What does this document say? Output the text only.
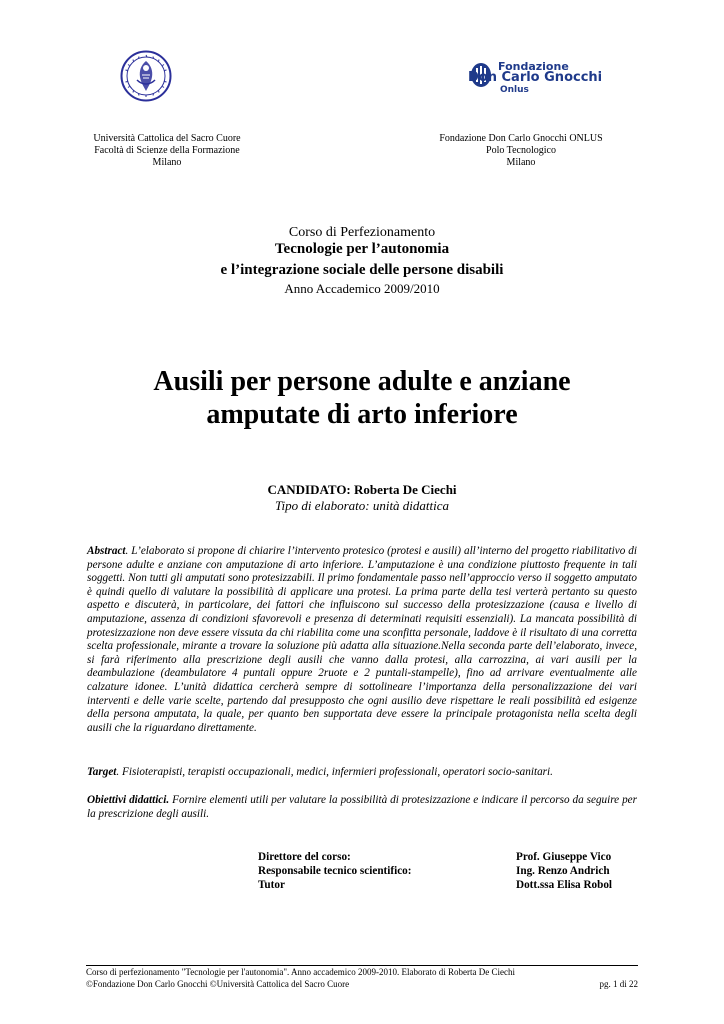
Fondazione
Don Carlo Gnocchi
Onlus
Università Cattolica del Sacro Cuore
Facoltà di Scienze della Formazione
Milano
Fondazione Don Carlo Gnocchi ONLUS
Polo Tecnologico
Milano
Corso di Perfezionamento
Tecnologie per l’autonomia
e l’integrazione sociale delle persone disabili
Anno Accademico 2009/2010
Ausili per persone adulte e anziane
amputate di arto inferiore
CANDIDATO: Roberta De Ciechi
Tipo di elaborato: unità didattica
Abstract. L’elaborato si propone di chiarire l’intervento protesico (protesi e ausili) all’interno del progetto riabilitativo di persone adulte e anziane con amputazione di arto inferiore. L’amputazione è una condizione piuttosto frequente in tali soggetti. Non tutti gli amputati sono protesizzabili. Il primo fondamentale passo nell’approccio verso il soggetto amputato è quindi quello di valutare la possibilità di applicare una protesi. La prima parte della tesi verterà pertanto su questo aspetto e discuterà, in particolare, dei fattori che influiscono sul successo della protesizzazione (causa e livello di amputazione, assenza di condizioni sfavorevoli e presenza di determinati requisiti essenziali). La mancata possibilità di protesizzazione non deve essere vissuta da chi riabilita come una sconfitta personale, laddove è il risultato di una corretta scelta professionale, mirante a trovare la soluzione più adatta alla situazione.Nella seconda parte dell’elaborato, invece, si farà riferimento alla prescrizione degli ausili che vanno dalla protesi, alla carrozzina, ai vari ausili per la deambulazione (deambulatore 4 puntali oppure 2ruote e 2 puntali-stampelle), fino ad arrivare eventualmente alle calzature idonee. L’unità didattica cercherà sempre di sottolineare l’importanza della personalizzazione dei vari interventi e delle varie scelte, partendo dal presupposto che ogni ausilio deve rispettare le reali possibilità ed esigenze della persona amputata, la quale, per quanto ben supportata deve essere la principale protagonista nella scelta degli ausili che la riguardano direttamente.
Target. Fisioterapisti, terapisti occupazionali, medici, infermieri professionali, operatori socio-sanitari.
Obiettivi didattici. Fornire elementi utili per valutare la possibilità di protesizzazione e indicare il percorso da seguire per la prescrizione degli ausili.
Direttore del corso:
Responsabile tecnico scientifico:
Tutor
Prof. Giuseppe Vico
Ing. Renzo Andrich
Dott.ssa Elisa Robol
Corso di perfezionamento "Tecnologie per l'autonomia". Anno accademico 2009-2010. Elaborato di Roberta De Ciechi
©Fondazione Don Carlo Gnocchi ©Università Cattolica del Sacro Cuore	pg. 1 di 22
